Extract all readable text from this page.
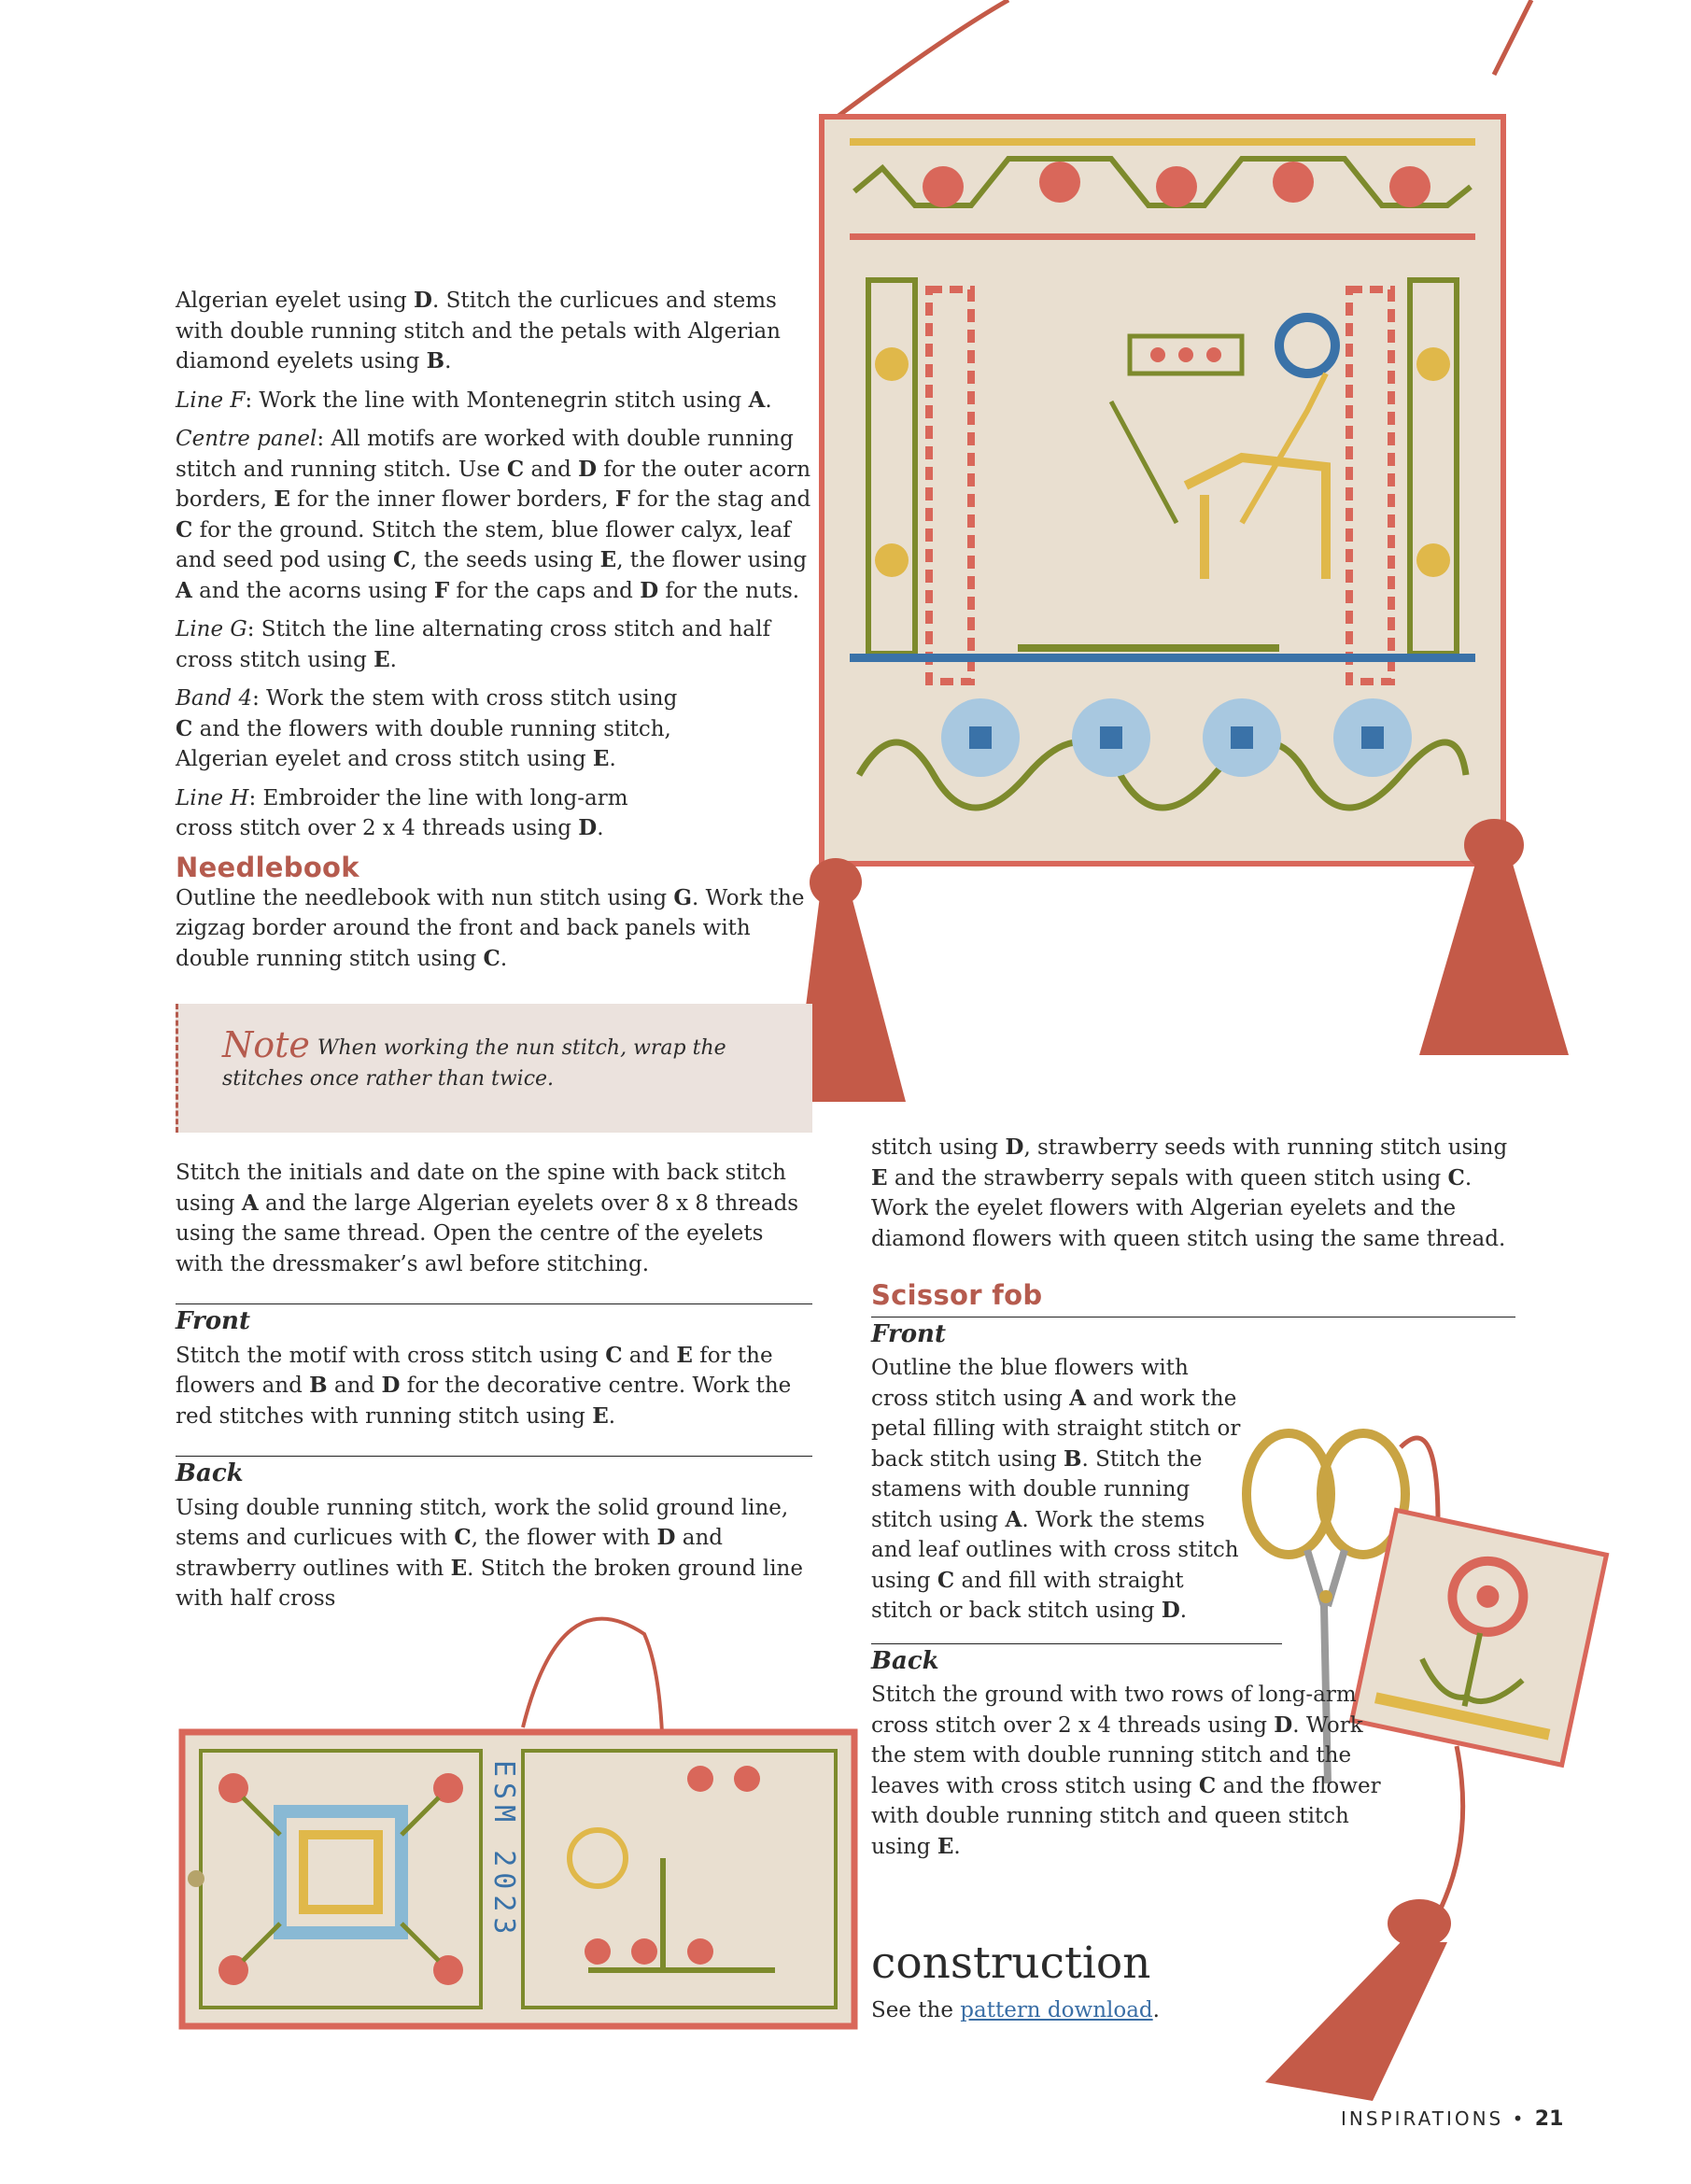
ESM 2023

Algerian eyelet using D. Stitch the curlicues and stems with double running stitch and the petals with Algerian diamond eyelets using B.

Line F: Work the line with Montenegrin stitch using A.

Centre panel: All motifs are worked with double running stitch and running stitch. Use C and D for the outer acorn borders, E for the inner flower borders, F for the stag and C for the ground. Stitch the stem, blue flower calyx, leaf and seed pod using C, the seeds using E, the flower using A and the acorns using F for the caps and D for the nuts.

Line G: Stitch the line alternating cross stitch and half cross stitch using E.

Band 4: Work the stem with cross stitch using C and the flowers with double running stitch, Algerian eyelet and cross stitch using E.

Line H: Embroider the line with long-arm cross stitch over 2 x 4 threads using D.

Needlebook

Outline the needlebook with nun stitch using G. Work the zigzag border around the front and back panels with double running stitch using C.

Note When working the nun stitch, wrap the stitches once rather than twice.

Stitch the initials and date on the spine with back stitch using A and the large Algerian eyelets over 8 x 8 threads using the same thread. Open the centre of the eyelets with the dressmaker’s awl before stitching.

Front

Stitch the motif with cross stitch using C and E for the flowers and B and D for the decorative centre. Work the red stitches with running stitch using E.

Back

Using double running stitch, work the solid ground line, stems and curlicues with C, the flower with D and strawberry outlines with E. Stitch the broken ground line with half cross

stitch using D, strawberry seeds with running stitch using E and the strawberry sepals with queen stitch using C. Work the eyelet flowers with Algerian eyelets and the diamond flowers with queen stitch using the same thread.

Scissor fob
Front

Outline the blue flowers with cross stitch using A and work the petal filling with straight stitch or back stitch using B. Stitch the stamens with double running stitch using A. Work the stems and leaf outlines with cross stitch using C and fill with straight stitch or back stitch using D.

Back

Stitch the ground with two rows of long-arm cross stitch over 2 x 4 threads using D. Work the stem with double running stitch and the leaves with cross stitch using C and the flower with double running stitch and queen stitch using E.

construction

See the pattern download.

INSPIRATIONS • 21
